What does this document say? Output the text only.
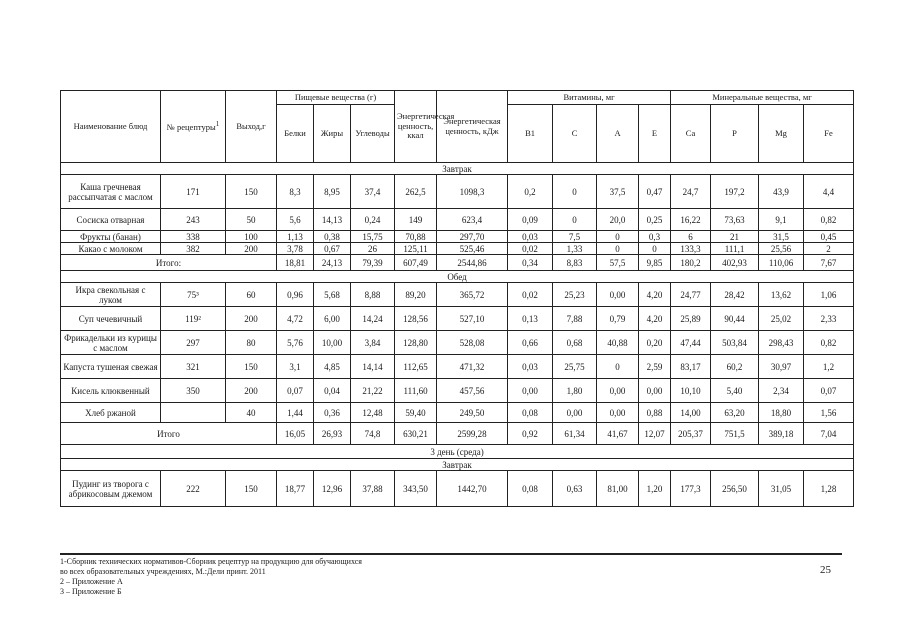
Наименование блюд	№ рецептуры$^1$	Выход,г	Пищевые вещества (г)			Энергетическая ценность, ккал	Энергетическая ценность, кДж	Витамины, мг				Минеральные вещества, мг			
			Белки	Жиры	Углеводы			В1	С	А	Е	Са	Р	Mg	Fe
Завтрак															
Каша гречневая рассыпчатая с маслом	171	150	8,3	8,95	37,4	262,5	1098,3	0,2	0	37,5	0,47	24,7	197,2	43,9	4,4
Сосиска отварная	243	50	5,6	14,13	0,24	149	623,4	0,09	0	20,0	0,25	16,22	73,63	9,1	0,82
Фрукты (банан)	338	100	1,13	0,38	15,75	70,88	297,70	0,03	7,5	0	0,3	6	21	31,5	0,45
Какао с молоком	382	200	3,78	0,67	26	125,11	525,46	0,02	1,33	0	0	133,3	111,1	25,56	2
Итого:			18,81	24,13	79,39	607,49	2544,86	0,34	8,83	57,5	9,85	180,2	402,93	110,06	7,67
Обед															
Икра свекольная с луком	75³	60	0,96	5,68	8,88	89,20	365,72	0,02	25,23	0,00	4,20	24,77	28,42	13,62	1,06
Суп чечевичный	119²	200	4,72	6,00	14,24	128,56	527,10	0,13	7,88	0,79	4,20	25,89	90,44	25,02	2,33
Фрикадельки из курицы с маслом	297	80	5,76	10,00	3,84	128,80	528,08	0,66	0,68	40,88	0,20	47,44	503,84	298,43	0,82
Капуста тушеная свежая	321	150	3,1	4,85	14,14	112,65	471,32	0,03	25,75	0	2,59	83,17	60,2	30,97	1,2
Кисель клюквенный	350	200	0,07	0,04	21,22	111,60	457,56	0,00	1,80	0,00	0,00	10,10	5,40	2,34	0,07
Хлеб ржаной		40	1,44	0,36	12,48	59,40	249,50	0,08	0,00	0,00	0,88	14,00	63,20	18,80	1,56
Итого			16,05	26,93	74,8	630,21	2599,28	0,92	61,34	41,67	12,07	205,37	751,5	389,18	7,04
3 день (среда)															
Завтрак															
Пудинг из творога с абрикосовым джемом	222	150	18,77	12,96	37,88	343,50	1442,70	0,08	0,63	81,00	1,20	177,3	256,50	31,05	1,28
1-Сборник технических нормативов-Сборник рецептур на продукцию для обучающихся
во всех образовательных учреждениях, М.:Дели принт. 2011
2 – Приложение А
3 – Приложение Б
25
